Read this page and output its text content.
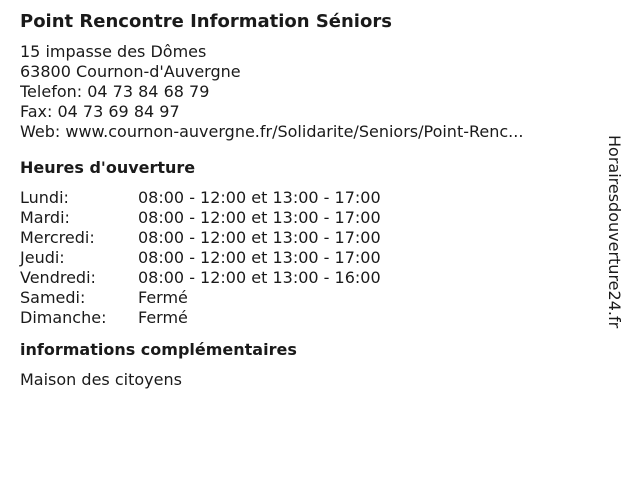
Point Rencontre Information Séniors
15 impasse des Dômes
63800 Cournon-d'Auvergne
Telefon: 04 73 84 68 79
Fax: 04 73 69 84 97
Web: www.cournon-auvergne.fr/Solidarite/Seniors/Point-Renc...
Heures d'ouverture
Lundi:	08:00 - 12:00 et 13:00 - 17:00
Mardi:	08:00 - 12:00 et 13:00 - 17:00
Mercredi:	08:00 - 12:00 et 13:00 - 17:00
Jeudi:	08:00 - 12:00 et 13:00 - 17:00
Vendredi:	08:00 - 12:00 et 13:00 - 16:00
Samedi:	Fermé
Dimanche:	Fermé
informations complémentaires
Maison des citoyens
Horairesdouverture24.fr
